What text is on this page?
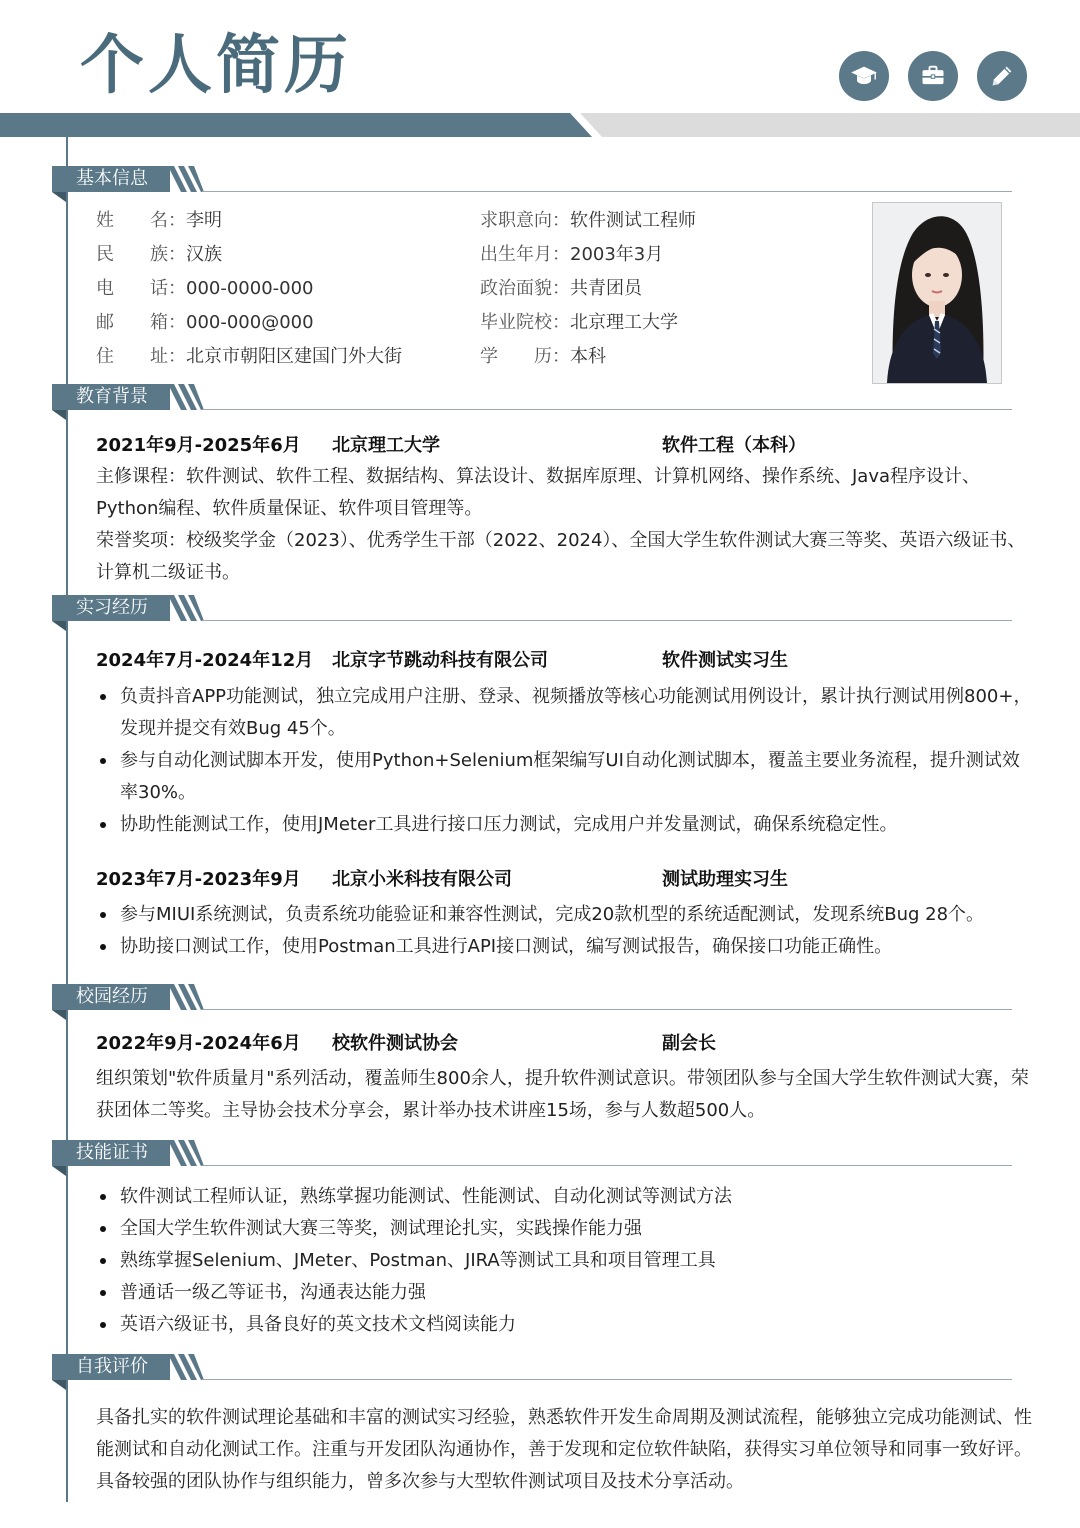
个人简历
基本信息
姓　　名：李明
民　　族：汉族
电　　话：000-0000-000
邮　　箱：000-000@000
住　　址：北京市朝阳区建国门外大街
求职意向：软件测试工程师
出生年月：2003年3月
政治面貌：共青团员
毕业院校：北京理工大学
学　　历：本科
教育背景
2021年9月-2025年6月 北京理工大学	软件工程（本科）
主修课程：软件测试、软件工程、数据结构、算法设计、数据库原理、计算机网络、操作系统、Java程序设计、Python编程、软件质量保证、软件项目管理等。
荣誉奖项：校级奖学金（2023）、优秀学生干部（2022、2024）、全国大学生软件测试大赛三等奖、英语六级证书、计算机二级证书。
实习经历
2024年7月-2024年12月 北京字节跳动科技有限公司	软件测试实习生
负责抖音APP功能测试，独立完成用户注册、登录、视频播放等核心功能测试用例设计，累计执行测试用例800+，发现并提交有效Bug 45个。
参与自动化测试脚本开发，使用Python+Selenium框架编写UI自动化测试脚本，覆盖主要业务流程，提升测试效率30%。
协助性能测试工作，使用JMeter工具进行接口压力测试，完成用户并发量测试，确保系统稳定性。
2023年7月-2023年9月 北京小米科技有限公司	测试助理实习生
参与MIUI系统测试，负责系统功能验证和兼容性测试，完成20款机型的系统适配测试，发现系统Bug 28个。
协助接口测试工作，使用Postman工具进行API接口测试，编写测试报告，确保接口功能正确性。
校园经历
2022年9月-2024年6月 校软件测试协会	副会长
组织策划"软件质量月"系列活动，覆盖师生800余人，提升软件测试意识。带领团队参与全国大学生软件测试大赛，荣获团体二等奖。主导协会技术分享会，累计举办技术讲座15场，参与人数超500人。
技能证书
软件测试工程师认证，熟练掌握功能测试、性能测试、自动化测试等测试方法
全国大学生软件测试大赛三等奖，测试理论扎实，实践操作能力强
熟练掌握Selenium、JMeter、Postman、JIRA等测试工具和项目管理工具
普通话一级乙等证书，沟通表达能力强
英语六级证书，具备良好的英文技术文档阅读能力
自我评价
具备扎实的软件测试理论基础和丰富的测试实习经验，熟悉软件开发生命周期及测试流程，能够独立完成功能测试、性能测试和自动化测试工作。注重与开发团队沟通协作，善于发现和定位软件缺陷，获得实习单位领导和同事一致好评。具备较强的团队协作与组织能力，曾多次参与大型软件测试项目及技术分享活动。
